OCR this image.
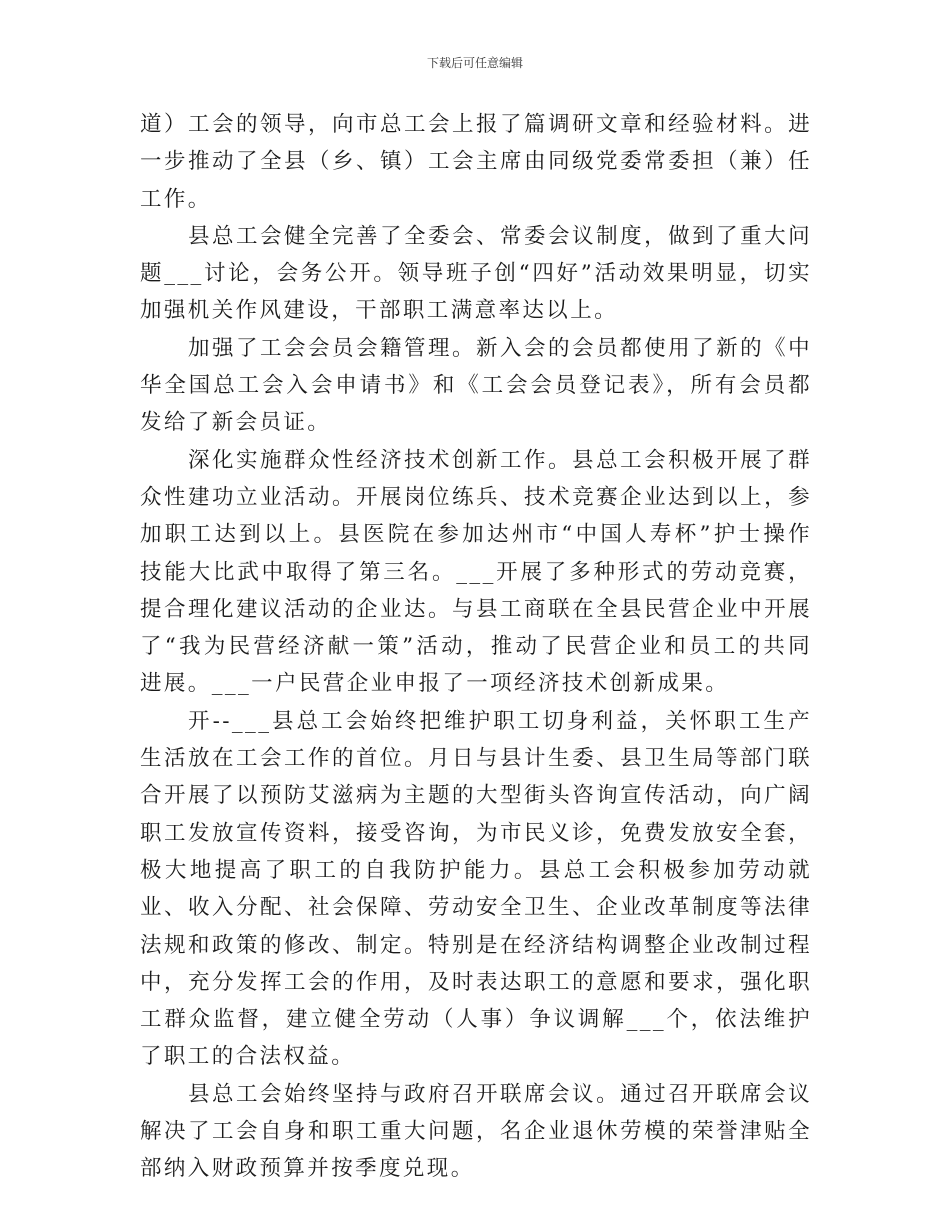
下载后可任意编辑

道）工会的领导，向市总工会上报了篇调研文章和经验材料。进一步推动了全县（乡、镇）工会主席由同级党委常委担（兼）任工作。

县总工会健全完善了全委会、常委会议制度，做到了重大问题___讨论，会务公开。领导班子创“四好”活动效果明显，切实加强机关作风建设，干部职工满意率达以上。

加强了工会会员会籍管理。新入会的会员都使用了新的《中华全国总工会入会申请书》和《工会会员登记表》，所有会员都发给了新会员证。

深化实施群众性经济技术创新工作。县总工会积极开展了群众性建功立业活动。开展岗位练兵、技术竞赛企业达到以上，参加职工达到以上。县医院在参加达州市“中国人寿杯”护士操作技能大比武中取得了第三名。___开展了多种形式的劳动竞赛，提合理化建议活动的企业达。与县工商联在全县民营企业中开展了“我为民营经济献一策”活动，推动了民营企业和员工的共同进展。___一户民营企业申报了一项经济技术创新成果。

开--___县总工会始终把维护职工切身利益，关怀职工生产生活放在工会工作的首位。月日与县计生委、县卫生局等部门联合开展了以预防艾滋病为主题的大型街头咨询宣传活动，向广阔职工发放宣传资料，接受咨询，为市民义诊，免费发放安全套，极大地提高了职工的自我防护能力。县总工会积极参加劳动就业、收入分配、社会保障、劳动安全卫生、企业改革制度等法律法规和政策的修改、制定。特别是在经济结构调整企业改制过程中，充分发挥工会的作用，及时表达职工的意愿和要求，强化职工群众监督，建立健全劳动（人事）争议调解___个，依法维护了职工的合法权益。

县总工会始终坚持与政府召开联席会议。通过召开联席会议解决了工会自身和职工重大问题，名企业退休劳模的荣誉津贴全部纳入财政预算并按季度兑现。
